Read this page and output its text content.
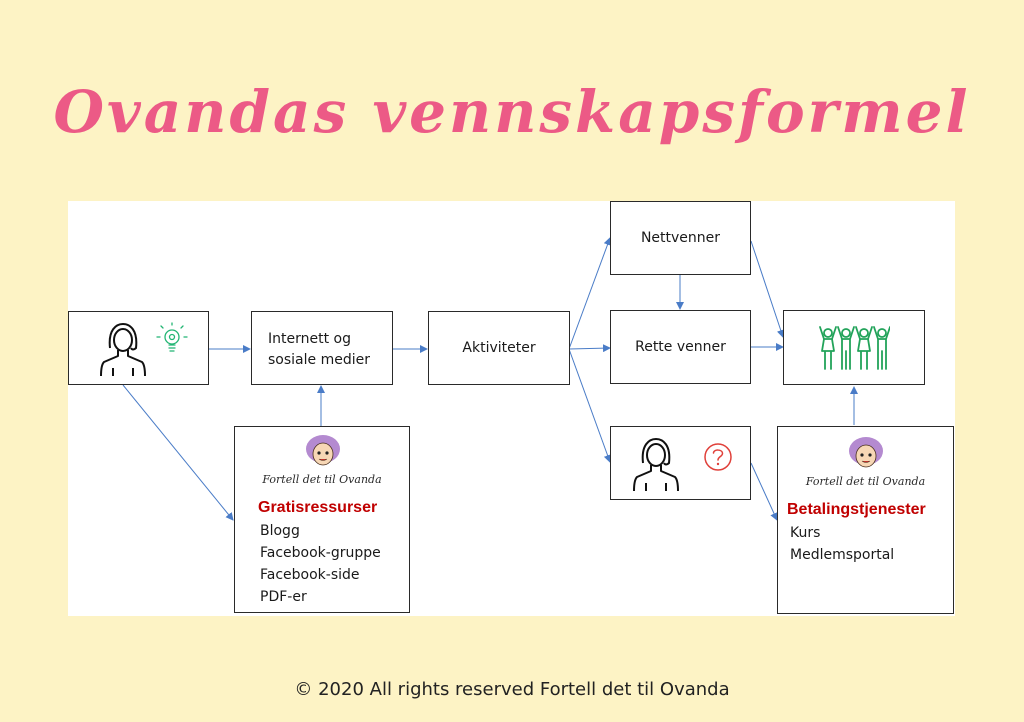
Ovandas vennskapsformel
Internett og
sosiale medier
Aktiviteter
Nettvenner
Rette venner
Fortell det til Ovanda
Gratisressurser
Blogg
Facebook-gruppe
Facebook-side
PDF-er
Fortell det til Ovanda
Betalingstjenester
Kurs
Medlemsportal
© 2020 All rights reserved Fortell det til Ovanda
